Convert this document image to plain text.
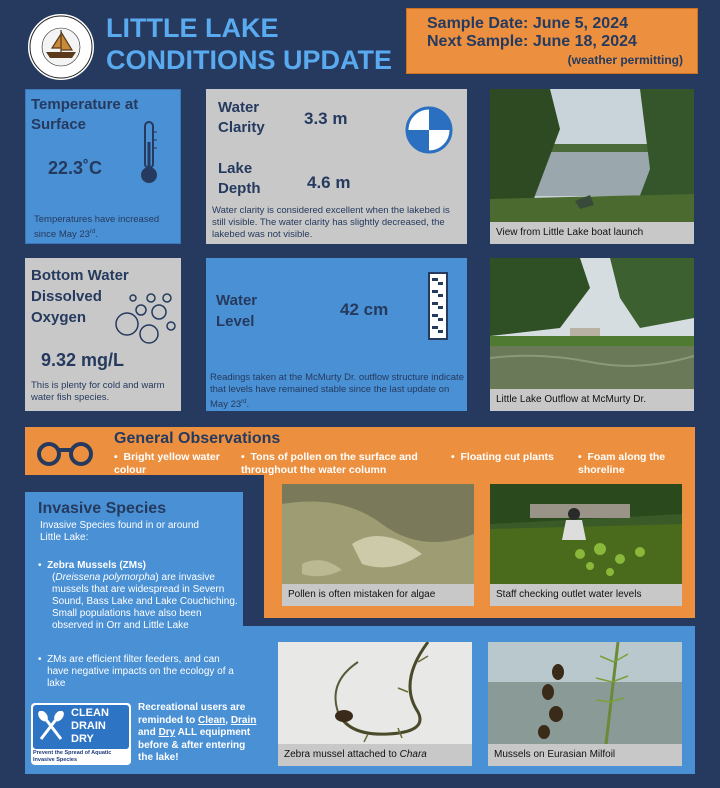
LITTLE LAKE
CONDITIONS UPDATE
Sample Date: June 5, 2024
Next Sample: June 18, 2024
(weather permitting)
Temperature at
Surface
22.3˚C
Temperatures have increased since May 23rd.
Water
Clarity 3.3 m
Lake
Depth	4.6 m
Water clarity is considered excellent when the lakebed is still visible. The water clarity has slightly decreased, the lakebed was not visible.	View from Little Lake boat launch
Bottom Water
Dissolved
Oxygen
9.32 mg/L
This is plenty for cold and warm water fish species.
Water
Level
42 cm
Readings taken at the McMurty Dr. outflow structure indicate that levels have remained stable since the last update on May 23rd.	Little Lake Outflow at McMurty Dr.
General Observations
•  Bright yellow water colour
•  Tons of pollen on the surface and throughout the water column
•  Floating cut plants	•  Foam along the shoreline
Pollen is often mistaken for algae	Staff checking outlet water levels
Invasive Species
Invasive Species found in or around Little Lake:
•  Zebra Mussels (ZMs)
(Dreissena polymorpha) are invasive mussels that are widespread in Severn Sound, Bass Lake and Lake Couchiching. Small populations have also been observed in Orr and Little Lake
• ZMs are efficient filter feeders, and can have negative impacts on the ecology of a lake
CLEAN
DRAIN
DRY
Prevent the Spread of Aquatic Invasive Species
Recreational users are reminded to Clean, Drain and Dry ALL equipment before & after entering the lake!	Zebra mussel attached to Chara	Mussels on Eurasian Milfoil
